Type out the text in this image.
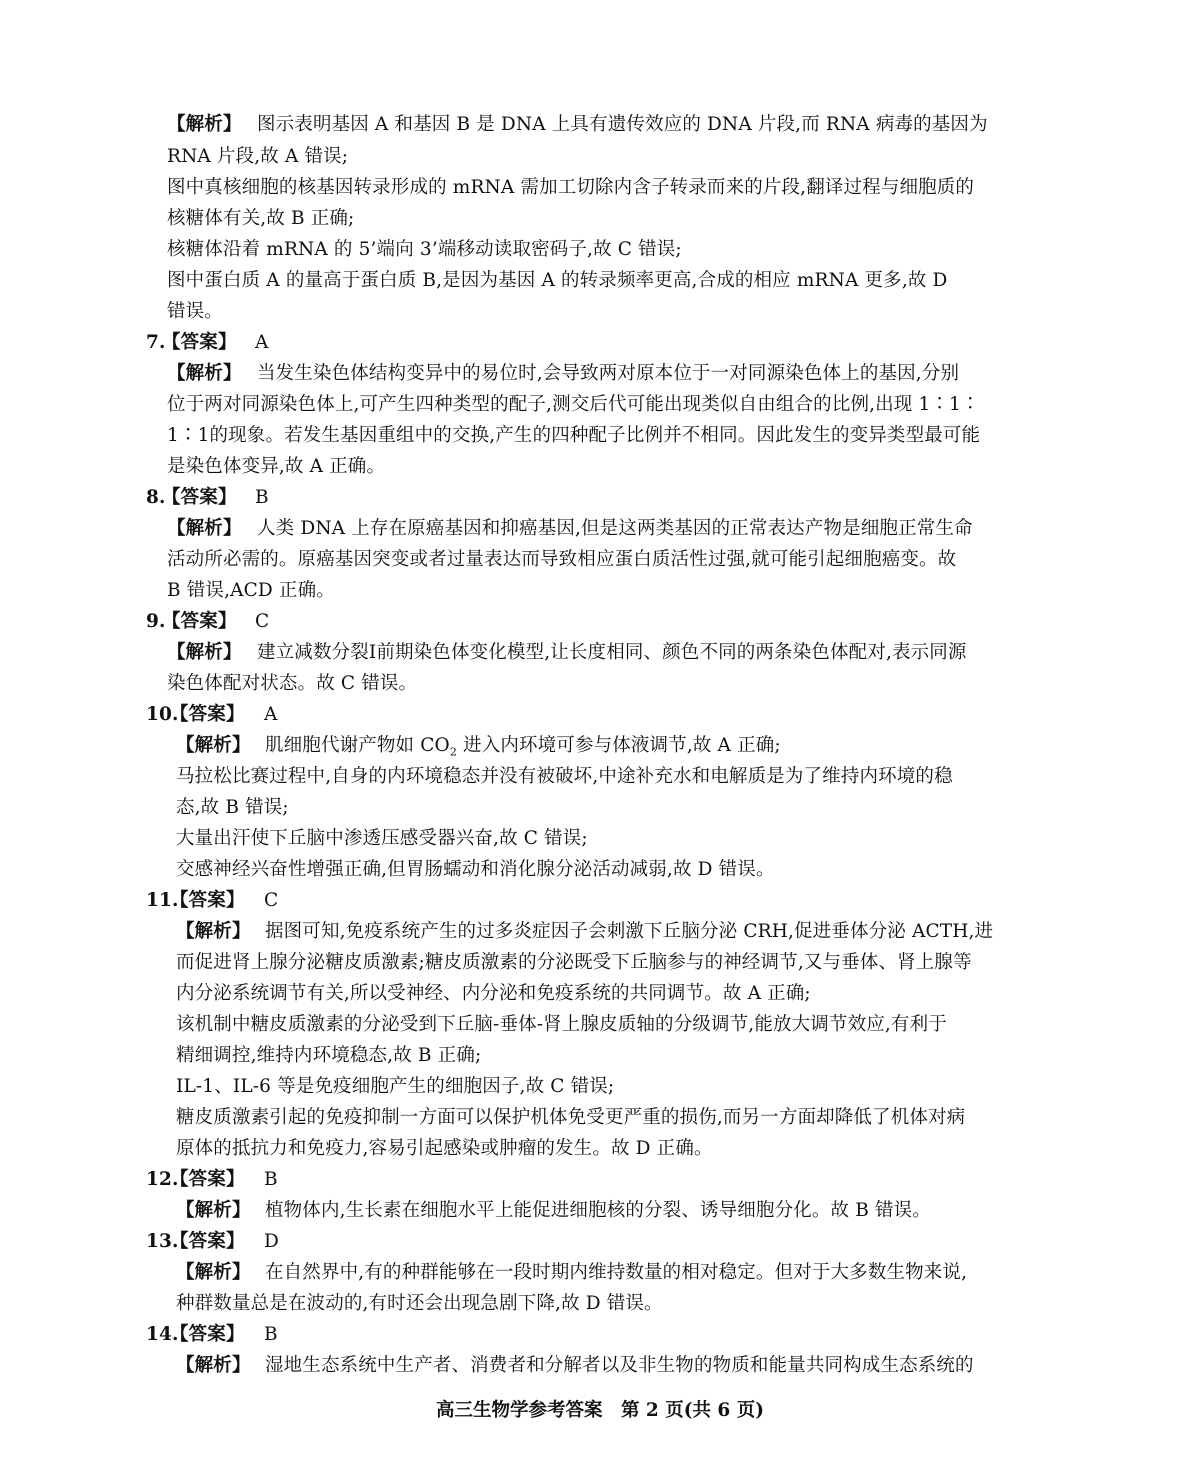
【解析】 图示表明基因 A 和基因 B 是 DNA 上具有遗传效应的 DNA 片段,而 RNA 病毒的基因为
RNA 片段,故 A 错误;
图中真核细胞的核基因转录形成的 mRNA 需加工切除内含子转录而来的片段,翻译过程与细胞质的
核糖体有关,故 B 正确;
核糖体沿着 mRNA 的 5’端向 3’端移动读取密码子,故 C 错误;
图中蛋白质 A 的量高于蛋白质 B,是因为基因 A 的转录频率更高,合成的相应 mRNA 更多,故 D
错误。
7.
【答案】 A
【解析】 当发生染色体结构变异中的易位时,会导致两对原本位于一对同源染色体上的基因,分别
位于两对同源染色体上,可产生四种类型的配子,测交后代可能出现类似自由组合的比例,出现 1∶1∶
1∶1的现象。若发生基因重组中的交换,产生的四种配子比例并不相同。因此发生的变异类型最可能
是染色体变异,故 A 正确。
8.
【答案】 B
【解析】 人类 DNA 上存在原癌基因和抑癌基因,但是这两类基因的正常表达产物是细胞正常生命
活动所必需的。原癌基因突变或者过量表达而导致相应蛋白质活性过强,就可能引起细胞癌变。故
B 错误,ACD 正确。
9.
【答案】 C
【解析】 建立减数分裂Ⅰ前期染色体变化模型,让长度相同、颜色不同的两条染色体配对,表示同源
染色体配对状态。故 C 错误。
10.
【答案】 A
【解析】 肌细胞代谢产物如 $CO_2$ 进入内环境可参与体液调节,故 A 正确;
马拉松比赛过程中,自身的内环境稳态并没有被破坏,中途补充水和电解质是为了维持内环境的稳
态,故 B 错误;
大量出汗使下丘脑中渗透压感受器兴奋,故 C 错误;
交感神经兴奋性增强正确,但胃肠蠕动和消化腺分泌活动减弱,故 D 错误。
11.
【答案】 C
【解析】 据图可知,免疫系统产生的过多炎症因子会刺激下丘脑分泌 CRH,促进垂体分泌 ACTH,进
而促进肾上腺分泌糖皮质激素;糖皮质激素的分泌既受下丘脑参与的神经调节,又与垂体、肾上腺等
内分泌系统调节有关,所以受神经、内分泌和免疫系统的共同调节。故 A 正确;
该机制中糖皮质激素的分泌受到下丘脑-垂体-肾上腺皮质轴的分级调节,能放大调节效应,有利于
精细调控,维持内环境稳态,故 B 正确;
IL-1、IL-6 等是免疫细胞产生的细胞因子,故 C 错误;
糖皮质激素引起的免疫抑制一方面可以保护机体免受更严重的损伤,而另一方面却降低了机体对病
原体的抵抗力和免疫力,容易引起感染或肿瘤的发生。故 D 正确。
12.
【答案】 B
【解析】 植物体内,生长素在细胞水平上能促进细胞核的分裂、诱导细胞分化。故 B 错误。
13.
【答案】 D
【解析】 在自然界中,有的种群能够在一段时期内维持数量的相对稳定。但对于大多数生物来说,
种群数量总是在波动的,有时还会出现急剧下降,故 D 错误。
14.
【答案】 B
【解析】 湿地生态系统中生产者、消费者和分解者以及非生物的物质和能量共同构成生态系统的
高三生物学参考答案　第 2 页(共 6 页)
